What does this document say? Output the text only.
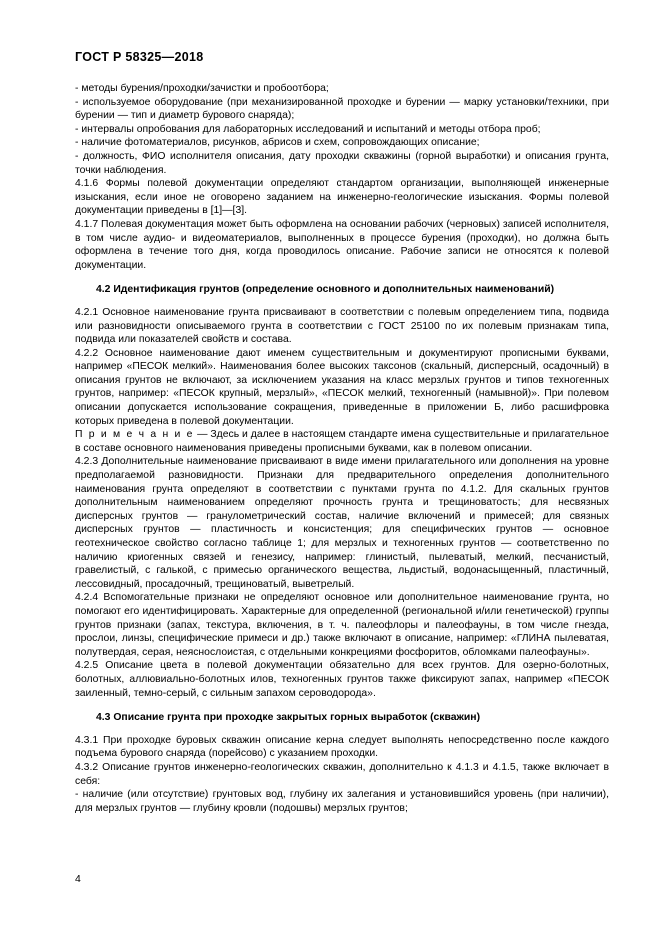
ГОСТ Р 58325—2018

- методы бурения/проходки/зачистки и пробоотбора;

- используемое оборудование (при механизированной проходке и бурении — марку установки/техники, при бурении — тип и диаметр бурового снаряда);

- интервалы опробования для лабораторных исследований и испытаний и методы отбора проб;

- наличие фотоматериалов, рисунков, абрисов и схем, сопровождающих описание;

- должность, ФИО исполнителя описания, дату проходки скважины (горной выработки) и описания грунта, точки наблюдения.

4.1.6 Формы полевой документации определяют стандартом организации, выполняющей инженерные изыскания, если иное не оговорено заданием на инженерно-геологические изыскания. Формы полевой документации приведены в [1]—[3].

4.1.7 Полевая документация может быть оформлена на основании рабочих (черновых) записей исполнителя, в том числе аудио- и видеоматериалов, выполненных в процессе бурения (проходки), но должна быть оформлена в течение того дня, когда проводилось описание. Рабочие записи не относятся к полевой документации.

4.2 Идентификация грунтов (определение основного и дополнительных наименований)

4.2.1 Основное наименование грунта присваивают в соответствии с полевым определением типа, подвида или разновидности описываемого грунта в соответствии с ГОСТ 25100 по их полевым признакам типа, подвида или показателей свойств и состава.

4.2.2 Основное наименование дают именем существительным и документируют прописными буквами, например «ПЕСОК мелкий». Наименования более высоких таксонов (скальный, дисперсный, осадочный) в описания грунтов не включают, за исключением указания на класс мерзлых грунтов и типов техногенных грунтов, например: «ПЕСОК крупный, мерзлый», «ПЕСОК мелкий, техногенный (намывной)». При полевом описании допускается использование сокращения, приведенные в приложении Б, либо расшифровка которых приведена в полевой документации.

П р и м е ч а н и е — Здесь и далее в настоящем стандарте имена существительные и прилагательное в составе основного наименования приведены прописными буквами, как в полевом описании.

4.2.3 Дополнительные наименование присваивают в виде имени прилагательного или дополнения на уровне предполагаемой разновидности. Признаки для предварительного определения дополнительного наименования грунта определяют в соответствии с пунктами грунта по 4.1.2. Для скальных грунтов дополнительным наименованием определяют прочность грунта и трещиноватость; для несвязных дисперсных грунтов — гранулометрический состав, наличие включений и примесей; для связных дисперсных грунтов — пластичность и консистенция; для специфических грунтов — основное геотехническое свойство согласно таблице 1; для мерзлых и техногенных грунтов — соответственно по наличию криогенных связей и генезису, например: глинистый, пылеватый, мелкий, песчанистый, гравелистый, с галькой, с примесью органического вещества, льдистый, водонасыщенный, пластичный, лессовидный, просадочный, трещиноватый, выветрелый.

4.2.4 Вспомогательные признаки не определяют основное или дополнительное наименование грунта, но помогают его идентифицировать. Характерные для определенной (региональной и/или генетической) группы грунтов признаки (запах, текстура, включения, в т. ч. палеофлоры и палеофауны, в том числе гнезда, прослои, линзы, специфические примеси и др.) также включают в описание, например: «ГЛИНА пылеватая, полутвердая, серая, неяснослоистая, с отдельными конкрециями фосфоритов, обломками палеофауны».

4.2.5 Описание цвета в полевой документации обязательно для всех грунтов. Для озерно-болотных, болотных, аллювиально-болотных илов, техногенных грунтов также фиксируют запах, например «ПЕСОК заиленный, темно-серый, с сильным запахом сероводорода».

4.3 Описание грунта при проходке закрытых горных выработок (скважин)

4.3.1 При проходке буровых скважин описание керна следует выполнять непосредственно после каждого подъема бурового снаряда (порейсово) с указанием проходки.

4.3.2 Описание грунтов инженерно-геологических скважин, дополнительно к 4.1.3 и 4.1.5, также включает в себя:

- наличие (или отсутствие) грунтовых вод, глубину их залегания и установившийся уровень (при наличии), для мерзлых грунтов — глубину кровли (подошвы) мерзлых грунтов;

4
